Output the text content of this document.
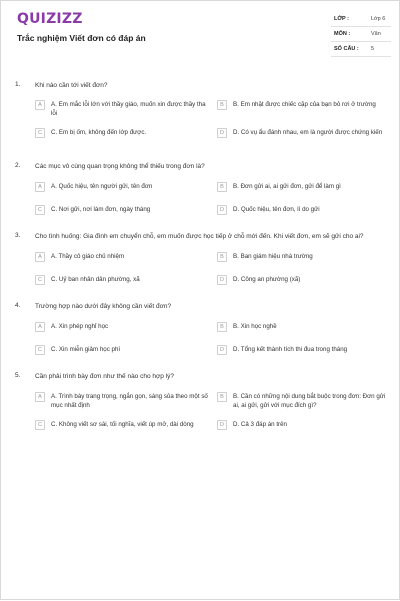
QUIZIZZ
Trắc nghiệm Viết đơn có đáp án
LỚP :	Lớp 6
MÔN :	Văn
SỐ CÂU : 5
1. Khi nào cần tới viết đơn?
A	A. Em mắc lỗi lớn với thầy giáo, muốn xin được thầy tha lỗi
B	B. Em nhặt được chiếc cặp của bạn bỏ rơi ở trường
C	C. Em bị ốm, không đến lớp được.	D	D. Có vụ ẩu đánh nhau, em là người được chứng kiến
2. Các mục vô cùng quan trọng không thể thiếu trong đơn là?
A	A. Quốc hiệu, tên người gửi, tên đơn	B	B. Đơn gửi ai, ai gửi đơn, gửi để làm gì
C	C. Nơi gửi, nơi làm đơn, ngày tháng	D	D. Quốc hiệu, tên đơn, lí do gửi
3. Cho tình huống: Gia đình em chuyển chỗ, em muốn được học tiếp ở chỗ mới đến. Khi viết đơn, em sẽ gửi cho ai?
A	A. Thầy cô giáo chủ nhiệm	B	B. Ban giám hiệu nhà trường
C	C. Uỷ ban nhân dân phường, xã	D	D. Công an phường (xã)
4. Trường hợp nào dưới đây không cần viết đơn?
A	A. Xin phép nghỉ học	B	B. Xin học nghề
C	C. Xin miễn giảm học phí	D	D. Tổng kết thành tích thi đua trong tháng
5. Cần phải trình bày đơn như thế nào cho hợp lý?
A	A. Trình bày trang trọng, ngắn gọn, sáng sủa theo một số mục nhất định
B	B. Cần có những nội dung bắt buộc trong đơn: Đơn gửi ai, ai gửi, gửi với mục đích gì?
C	C. Không viết sơ sài, tối nghĩa, viết úp mở, dài dòng	D	D. Cả 3 đáp án trên
